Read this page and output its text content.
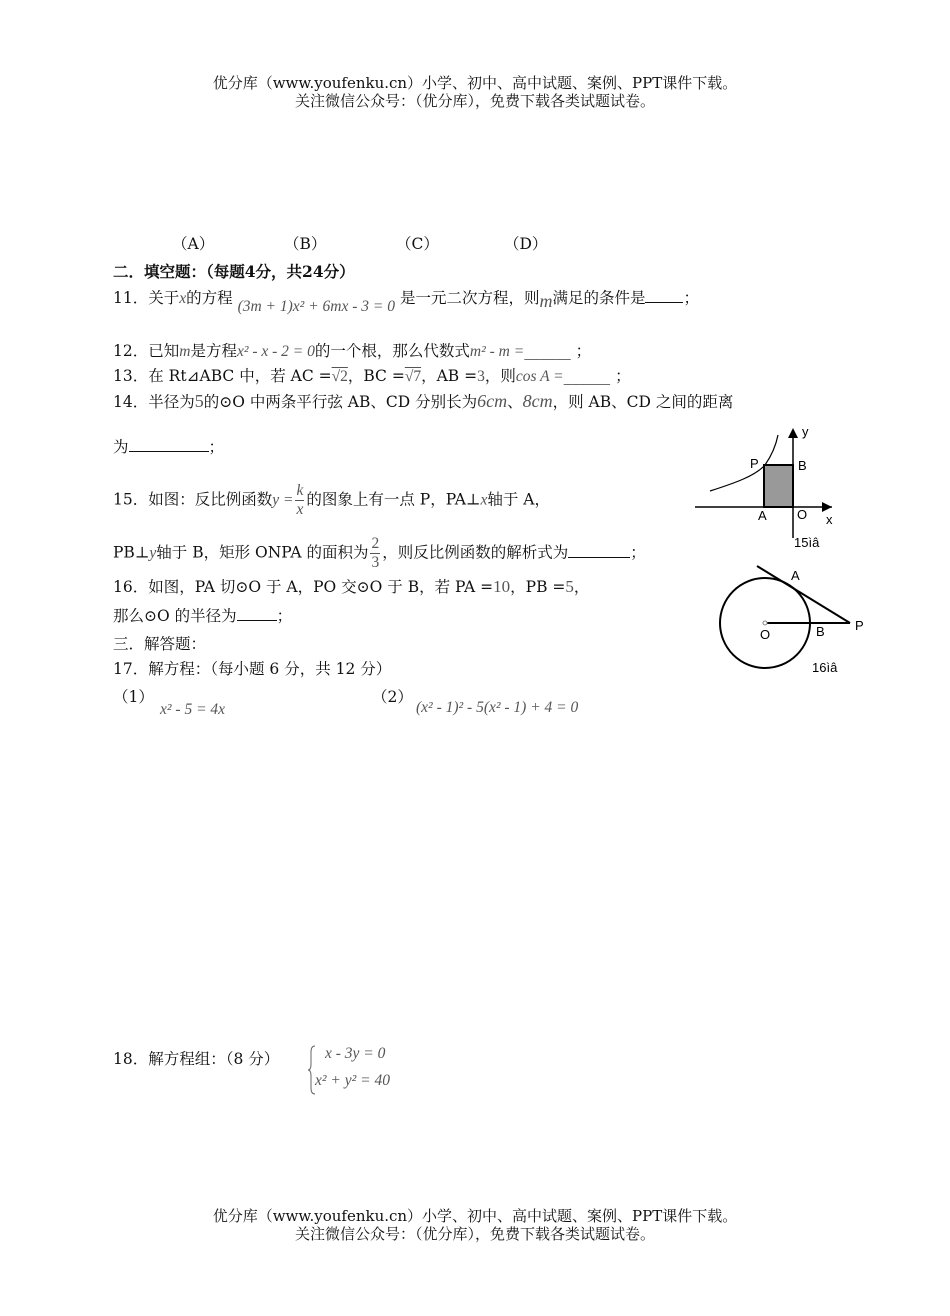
优分库（www.youfenku.cn）小学、初中、高中试题、案例、PPT课件下载。
关注微信公众号：（优分库），免费下载各类试题试卷。
（A）	（B）	（C）	（D）
二．填空题：（每题4分，共24分）
11．关于x的方程 (3m + 1)x² + 6mx - 3 = 0 是一元二次方程，则m满足的条件是 ；
12．已知m是方程x² - x - 2 = 0的一个根，那么代数式m² - m =______ ；
13．在 Rt⊿ABC 中，若 AC =√2，BC =√7，AB =3，则cos A =______ ；
14．半径为5的⊙O 中两条平行弦 AB、CD 分别长为6cm、8cm，则 AB、CD 之间的距离
为	；
15．如图：反比例函数$y = \frac{k}{x}$ 的图象上有一点 P，PA⊥x轴于 A，
PB⊥y轴于 B，矩形 ONPA 的面积为 $\frac{2}{3}$ ，则反比例函数的解析式为	；
P	B
A O
y
x
15ìâ
16．如图，PA 切⊙O 于 A，PO 交⊙O 于 B，若 PA =10，PB =5，
那么⊙O 的半径为	；
A
O	B P
16ìâ
三．解答题：
17．解方程：（每小题 6 分，共 12 分）
（1）
x² - 5 = 4x
（2）
(x² - 1)² - 5(x² - 1) + 4 = 0
18．解方程组：（8 分）	x - 3y = 0
x² + y² = 40
优分库（www.youfenku.cn）小学、初中、高中试题、案例、PPT课件下载。
关注微信公众号：（优分库），免费下载各类试题试卷。
